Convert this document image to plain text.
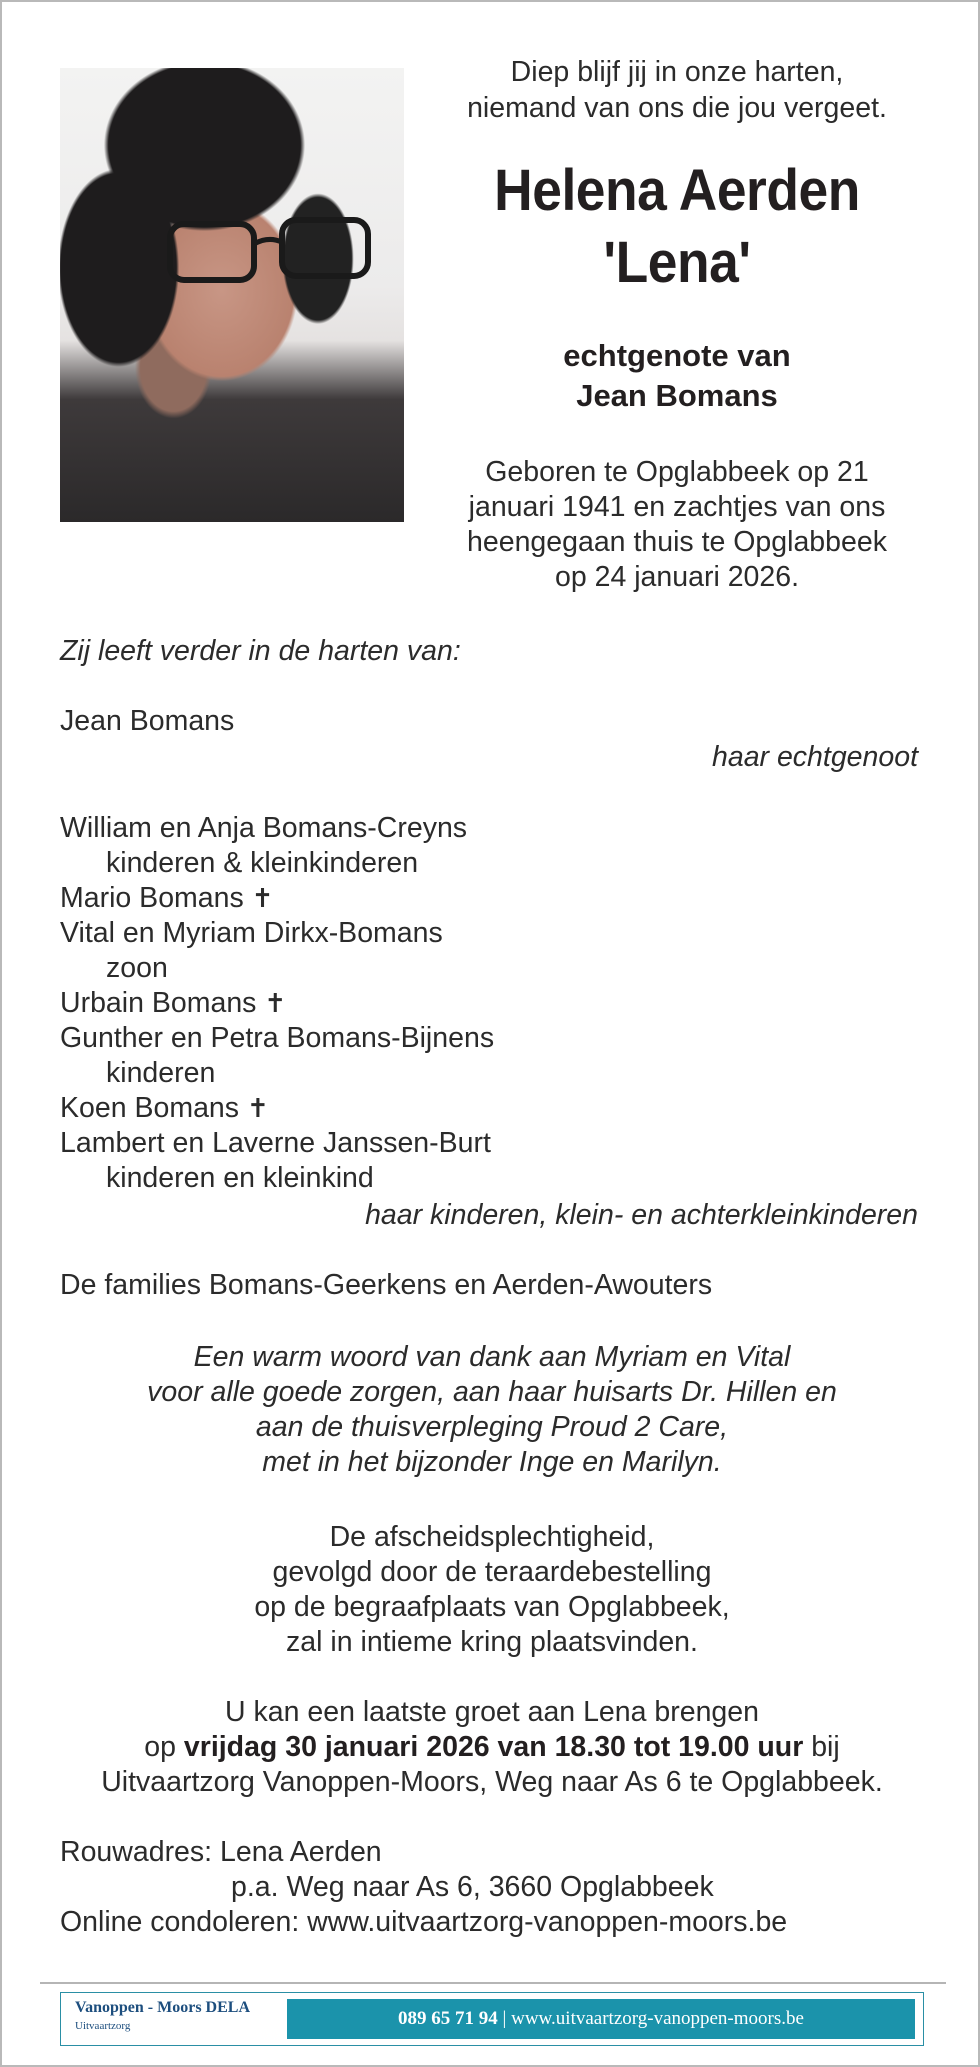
Diep blijf jij in onze harten,
niemand van ons die jou vergeet.
Helena Aerden
'Lena'
echtgenote van
Jean Bomans
Geboren te Opglabbeek op 21
januari 1941 en zachtjes van ons
heengegaan thuis te Opglabbeek
op 24 januari 2026.
Zij leeft verder in de harten van:
Jean Bomans
haar echtgenoot
William en Anja Bomans-Creyns
kinderen & kleinkinderen
Mario Bomans ✝
Vital en Myriam Dirkx-Bomans
zoon
Urbain Bomans ✝
Gunther en Petra Bomans-Bijnens
kinderen
Koen Bomans ✝
Lambert en Laverne Janssen-Burt
kinderen en kleinkind
haar kinderen, klein- en achterkleinkinderen
De families Bomans-Geerkens en Aerden-Awouters
Een warm woord van dank aan Myriam en Vital
voor alle goede zorgen, aan haar huisarts Dr. Hillen en
aan de thuisverpleging Proud 2 Care,
met in het bijzonder Inge en Marilyn.
De afscheidsplechtigheid,
gevolgd door de teraardebestelling
op de begraafplaats van Opglabbeek,
zal in intieme kring plaatsvinden.
U kan een laatste groet aan Lena brengen
op vrijdag 30 januari 2026 van 18.30 tot 19.00 uur bij
Uitvaartzorg Vanoppen-Moors, Weg naar As 6 te Opglabbeek.
Rouwadres: Lena Aerden
p.a. Weg naar As 6, 3660 Opglabbeek
Online condoleren: www.uitvaartzorg-vanoppen-moors.be
Vanoppen - Moors DELA
Uitvaartzorg	089 65 71 94 | www.uitvaartzorg-vanoppen-moors.be
